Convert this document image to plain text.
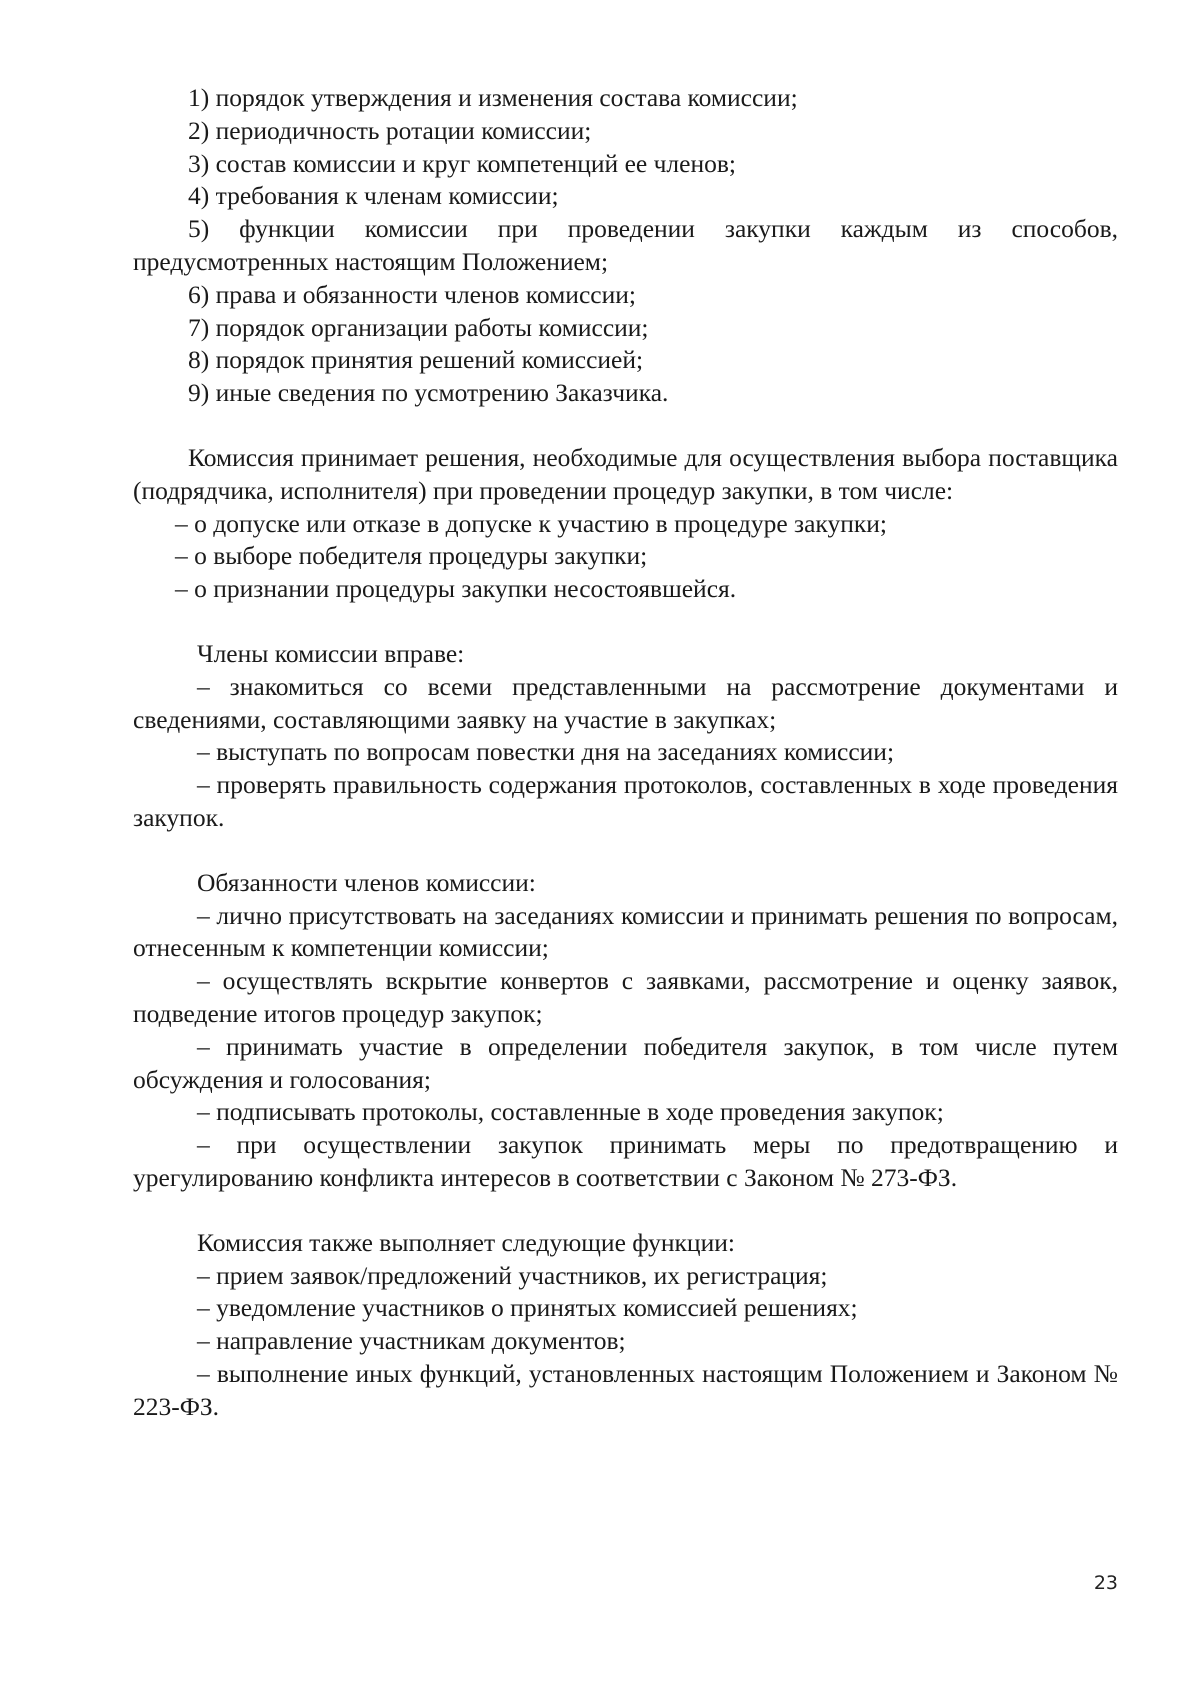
1) порядок утверждения и изменения состава комиссии;

2) периодичность ротации комиссии;

3) состав комиссии и круг компетенций ее членов;

4) требования к членам комиссии;

5) функции комиссии при проведении закупки каждым из способов, предусмотренных настоящим Положением;

6) права и обязанности членов комиссии;

7) порядок организации работы комиссии;

8) порядок принятия решений комиссией;

9) иные сведения по усмотрению Заказчика.

Комиссия принимает решения, необходимые для осуществления выбора поставщика (подрядчика, исполнителя) при проведении процедур закупки, в том числе:

– о допуске или отказе в допуске к участию в процедуре закупки;

– о выборе победителя процедуры закупки;

– о признании процедуры закупки несостоявшейся.

Члены комиссии вправе:

– знакомиться со всеми представленными на рассмотрение документами и сведениями, составляющими заявку на участие в закупках;

– выступать по вопросам повестки дня на заседаниях комиссии;

– проверять правильность содержания протоколов, составленных в ходе проведения закупок.

Обязанности членов комиссии:

– лично присутствовать на заседаниях комиссии и принимать решения по вопросам, отнесенным к компетенции комиссии;

– осуществлять вскрытие конвертов с заявками, рассмотрение и оценку заявок, подведение итогов процедур закупок;

– принимать участие в определении победителя закупок, в том числе путем обсуждения и голосования;

– подписывать протоколы, составленные в ходе проведения закупок;

– при осуществлении закупок принимать меры по предотвращению и урегулированию конфликта интересов в соответствии с Законом № 273-ФЗ.

Комиссия также выполняет следующие функции:

– прием заявок/предложений участников, их регистрация;

– уведомление участников о принятых комиссией решениях;

– направление участникам документов;

– выполнение иных функций, установленных настоящим Положением и Законом № 223-ФЗ.

23
